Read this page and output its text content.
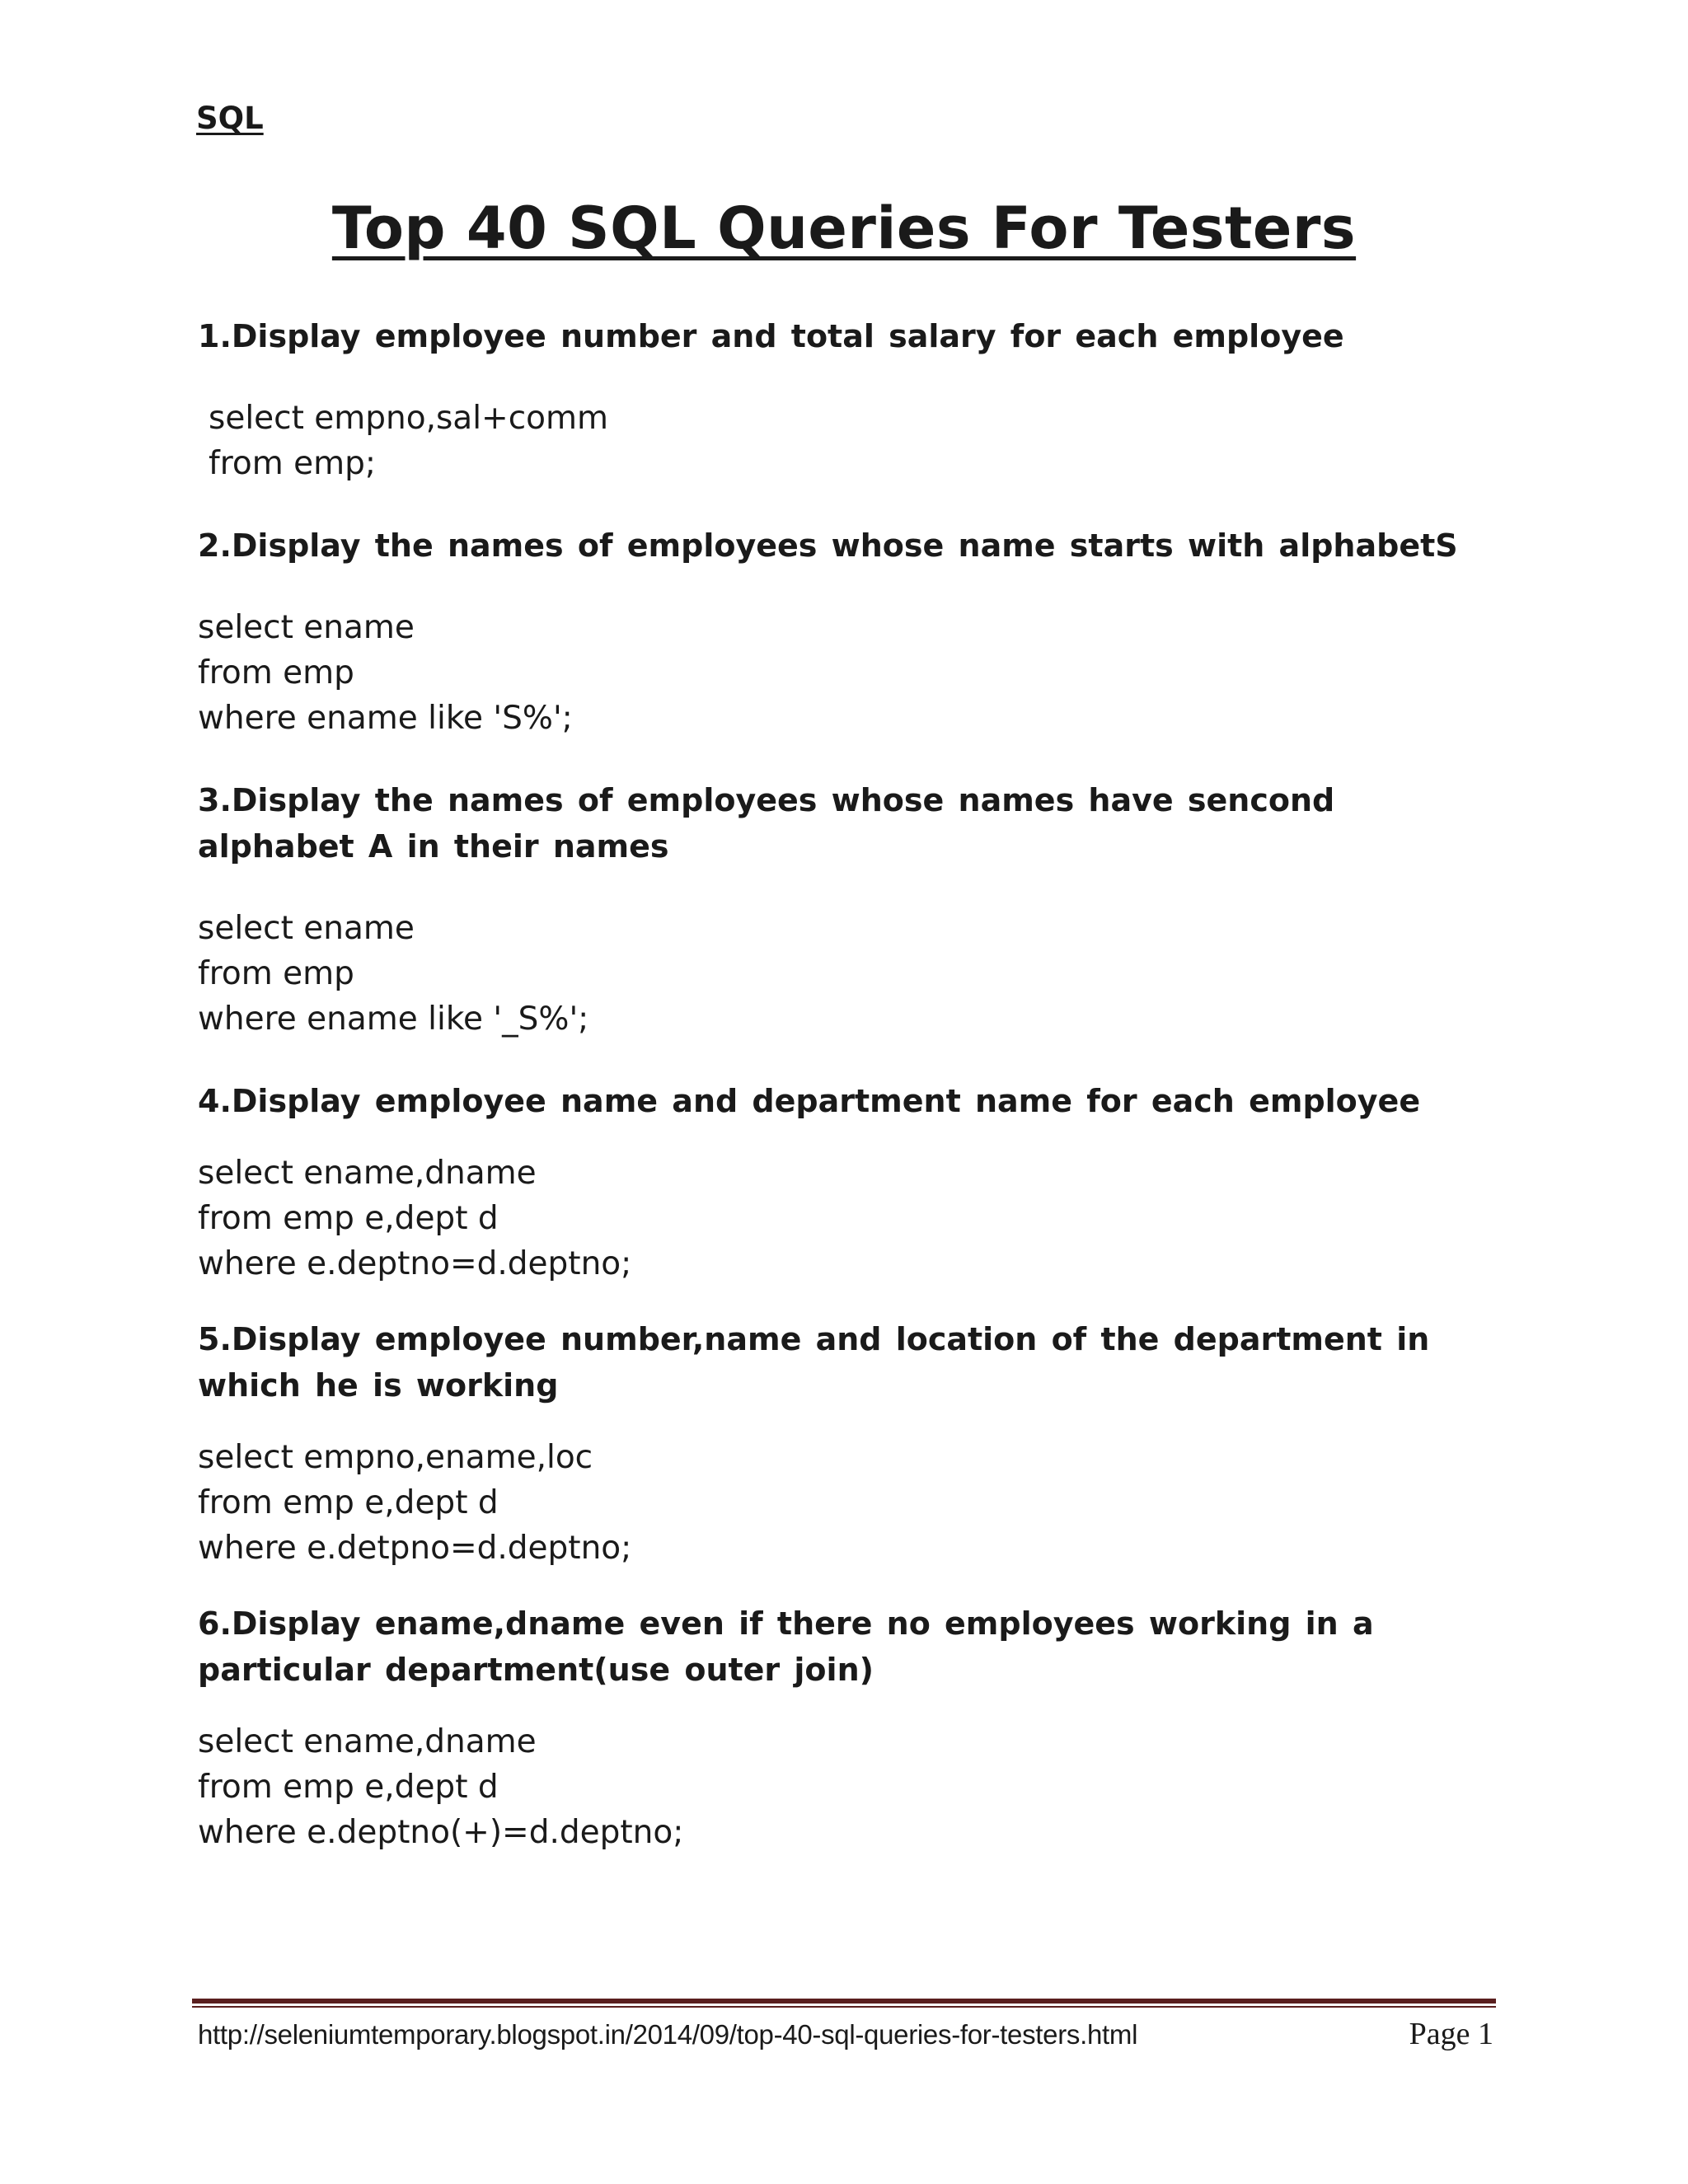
SQL

Top 40 SQL Queries For Testers

1.Display employee number and total salary for each employee

select empno,sal+comm
from emp;

2.Display the names of employees whose name starts with alphabetS

select ename
from emp
where ename like 'S%';

3.Display the names of employees whose names have sencond alphabet A in their names

select ename
from emp
where ename like '_S%';

4.Display employee name and department name for each employee

select ename,dname
from emp e,dept d
where e.deptno=d.deptno;

5.Display employee number,name and location of the department in which he is working

select empno,ename,loc
from emp e,dept d
where e.detpno=d.deptno;

6.Display ename,dname even if there no employees working in a particular department(use outer join)

select ename,dname
from emp e,dept d
where e.deptno(+)=d.deptno;

http://seleniumtemporary.blogspot.in/2014/09/top-40-sql-queries-for-testers.html	Page 1
